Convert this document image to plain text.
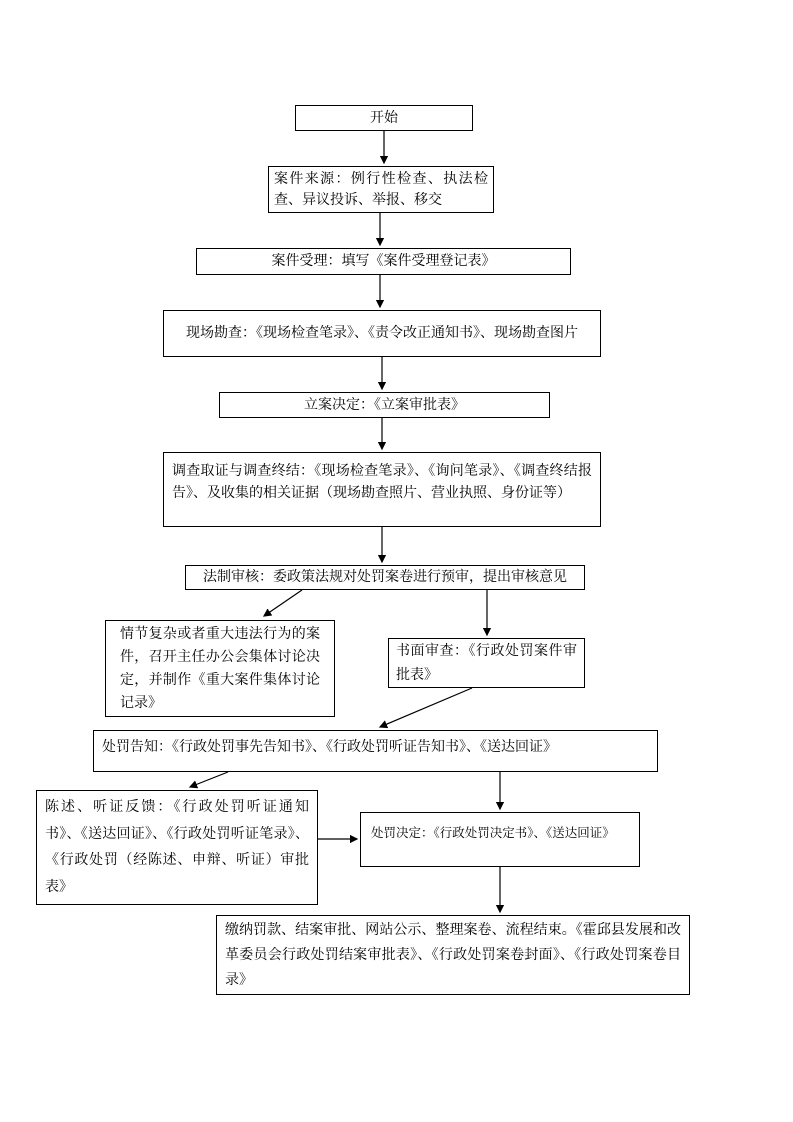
开始
案件来源：例行性检查、执法检查、异议投诉、举报、移交
案件受理：填写《案件受理登记表》
现场勘查：《现场检查笔录》、《责令改正通知书》、现场勘查图片
立案决定：《立案审批表》
调查取证与调查终结：《现场检查笔录》、《询问笔录》、《调查终结报告》、及收集的相关证据（现场勘查照片、营业执照、身份证等）
法制审核：委政策法规对处罚案卷进行预审，提出审核意见
情节复杂或者重大违法行为的案件，召开主任办公会集体讨论决定，并制作《重大案件集体讨论记录》
书面审查：《行政处罚案件审批表》
处罚告知：《行政处罚事先告知书》、《行政处罚听证告知书》、《送达回证》
陈述、听证反馈：《行政处罚听证通知书》、《送达回证》、《行政处罚听证笔录》、《行政处罚（经陈述、申辩、听证）审批表》
处罚决定：《行政处罚决定书》、《送达回证》
缴纳罚款、结案审批、网站公示、整理案卷、流程结束。《霍邱县发展和改革委员会行政处罚结案审批表》、《行政处罚案卷封面》、《行政处罚案卷目录》
